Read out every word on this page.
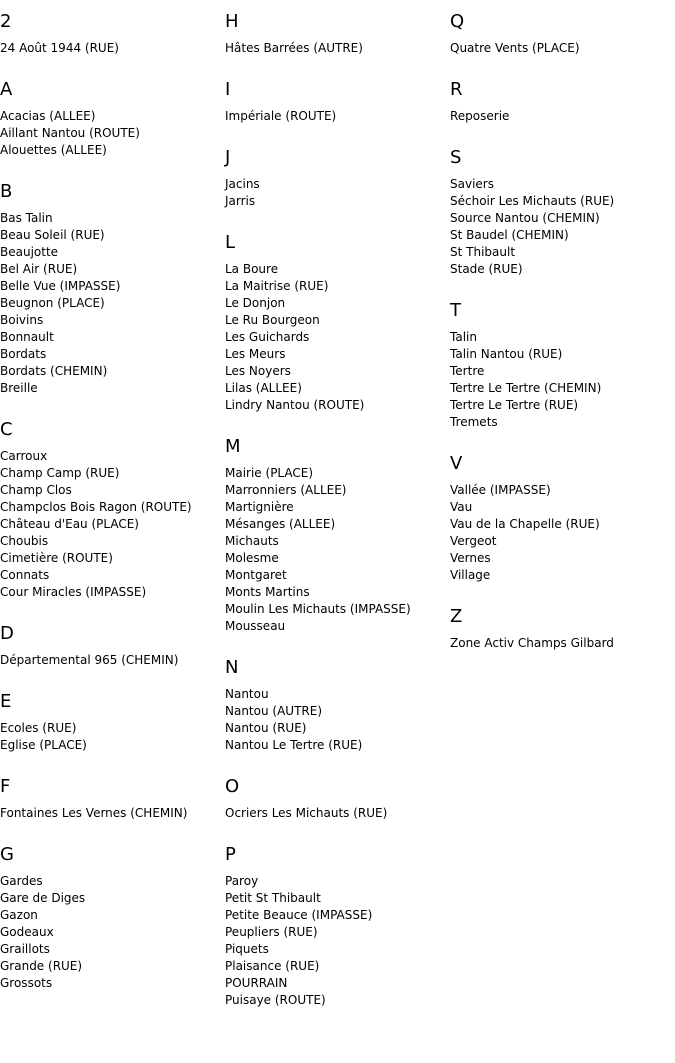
2
24 Août 1944 (RUE)
A
Acacias (ALLEE)
Aillant Nantou (ROUTE)
Alouettes (ALLEE)
B
Bas Talin
Beau Soleil (RUE)
Beaujotte
Bel Air (RUE)
Belle Vue (IMPASSE)
Beugnon (PLACE)
Boivins
Bonnault
Bordats
Bordats (CHEMIN)
Breille
C
Carroux
Champ Camp (RUE)
Champ Clos
Champclos Bois Ragon (ROUTE)
Château d'Eau (PLACE)
Choubis
Cimetière (ROUTE)
Connats
Cour Miracles (IMPASSE)
D
Départemental 965 (CHEMIN)
E
Ecoles (RUE)
Eglise (PLACE)
F
Fontaines Les Vernes (CHEMIN)
G
Gardes
Gare de Diges
Gazon
Godeaux
Graillots
Grande (RUE)
Grossots
H
Hâtes Barrées (AUTRE)
I
Impériale (ROUTE)
J
Jacins
Jarris
L
La Boure
La Maitrise (RUE)
Le Donjon
Le Ru Bourgeon
Les Guichards
Les Meurs
Les Noyers
Lilas (ALLEE)
Lindry Nantou (ROUTE)
M
Mairie (PLACE)
Marronniers (ALLEE)
Martignière
Mésanges (ALLEE)
Michauts
Molesme
Montgaret
Monts Martins
Moulin Les Michauts (IMPASSE)
Mousseau
N
Nantou
Nantou (AUTRE)
Nantou (RUE)
Nantou Le Tertre (RUE)
O
Ocriers Les Michauts (RUE)
P
Paroy
Petit St Thibault
Petite Beauce (IMPASSE)
Peupliers (RUE)
Piquets
Plaisance (RUE)
POURRAIN
Puisaye (ROUTE)
Q
Quatre Vents (PLACE)
R
Reposerie
S
Saviers
Séchoir Les Michauts (RUE)
Source Nantou (CHEMIN)
St Baudel (CHEMIN)
St Thibault
Stade (RUE)
T
Talin
Talin Nantou (RUE)
Tertre
Tertre Le Tertre (CHEMIN)
Tertre Le Tertre (RUE)
Tremets
V
Vallée (IMPASSE)
Vau
Vau de la Chapelle (RUE)
Vergeot
Vernes
Village
Z
Zone Activ Champs Gilbard
